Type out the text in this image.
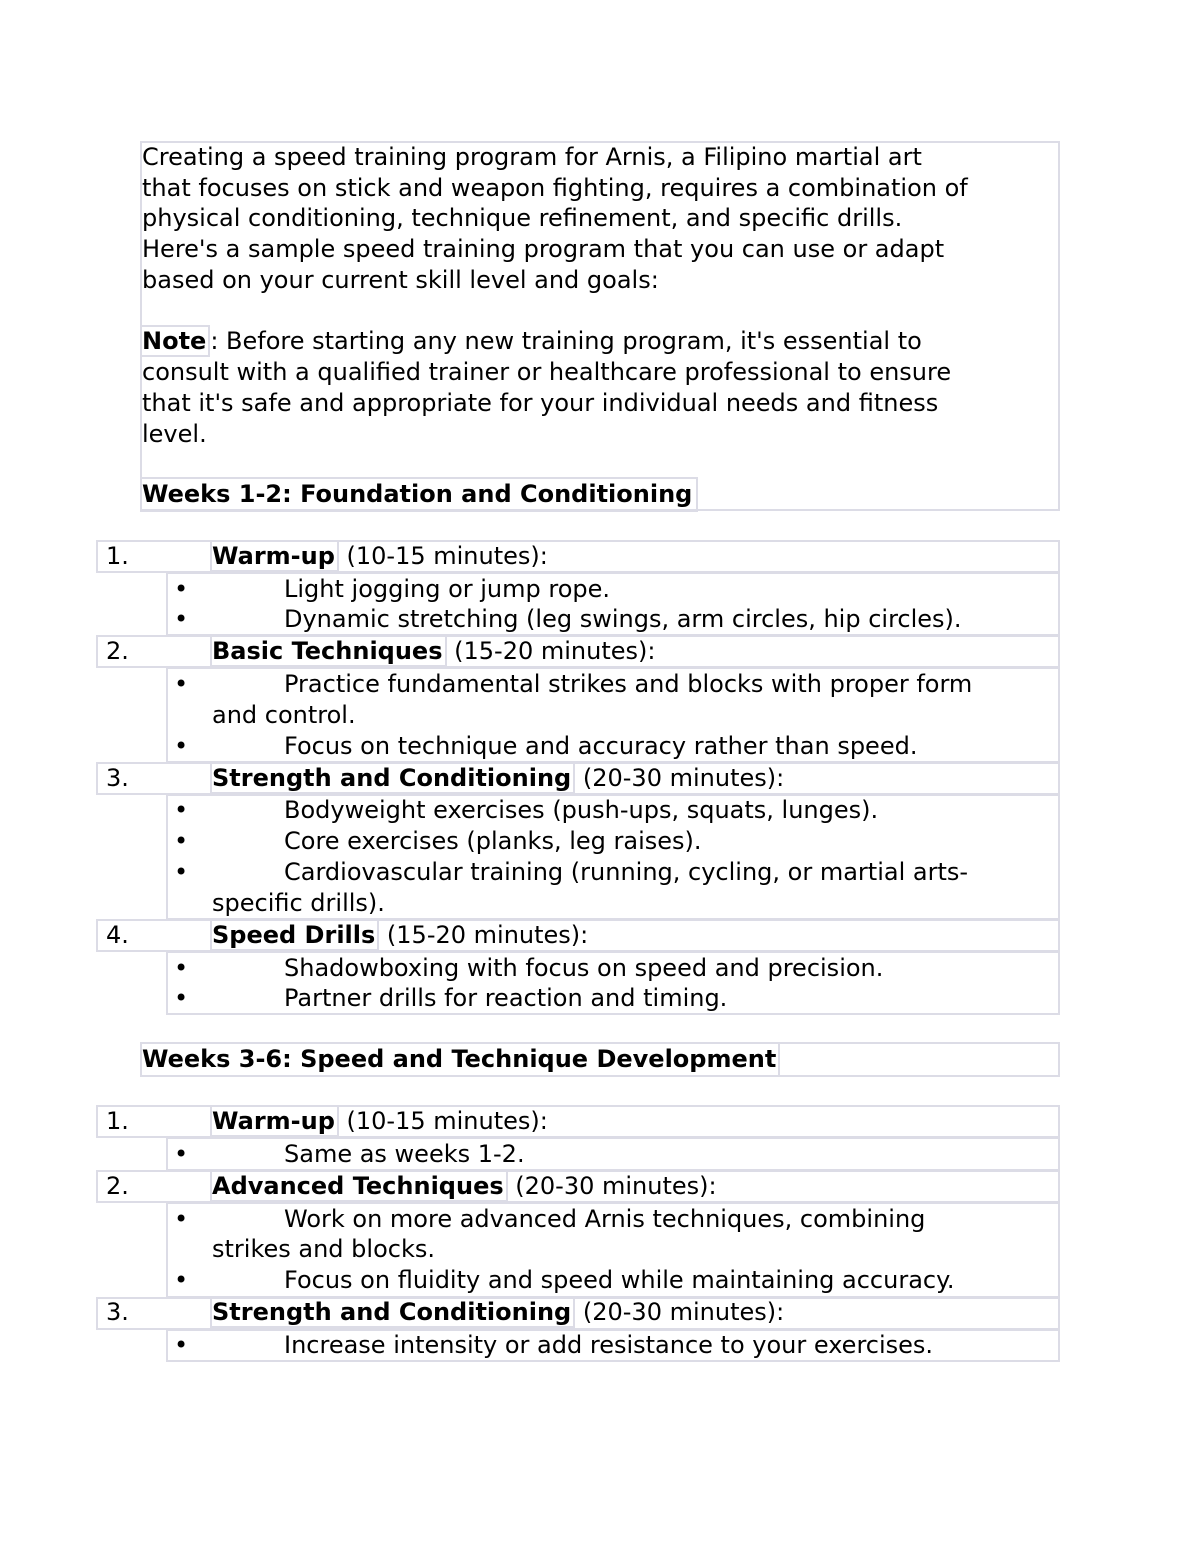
Creating a speed training program for Arnis, a Filipino martial art
that focuses on stick and weapon fighting, requires a combination of
physical conditioning, technique refinement, and specific drills.
Here's a sample speed training program that you can use or adapt
based on your current skill level and goals:
Note : Before starting any new training program, it's essential to
consult with a qualified trainer or healthcare professional to ensure
that it's safe and appropriate for your individual needs and fitness
level.
Weeks 1-2: Foundation and Conditioning
1.	Warm-up (10-15 minutes):
•	Light jogging or jump rope.
•	Dynamic stretching (leg swings, arm circles, hip circles).
2.	Basic Techniques (15-20 minutes):
•	Practice fundamental strikes and blocks with proper form
and control.
•	Focus on technique and accuracy rather than speed.
3.	Strength and Conditioning (20-30 minutes):
•	Bodyweight exercises (push-ups, squats, lunges).
•	Core exercises (planks, leg raises).
•	Cardiovascular training (running, cycling, or martial arts-
specific drills).
4.	Speed Drills (15-20 minutes):
•	Shadowboxing with focus on speed and precision.
•	Partner drills for reaction and timing.
Weeks 3-6: Speed and Technique Development
1.	Warm-up (10-15 minutes):
•	Same as weeks 1-2.
2.	Advanced Techniques (20-30 minutes):
•	Work on more advanced Arnis techniques, combining
strikes and blocks.
•	Focus on fluidity and speed while maintaining accuracy.
3.	Strength and Conditioning (20-30 minutes):
•	Increase intensity or add resistance to your exercises.
